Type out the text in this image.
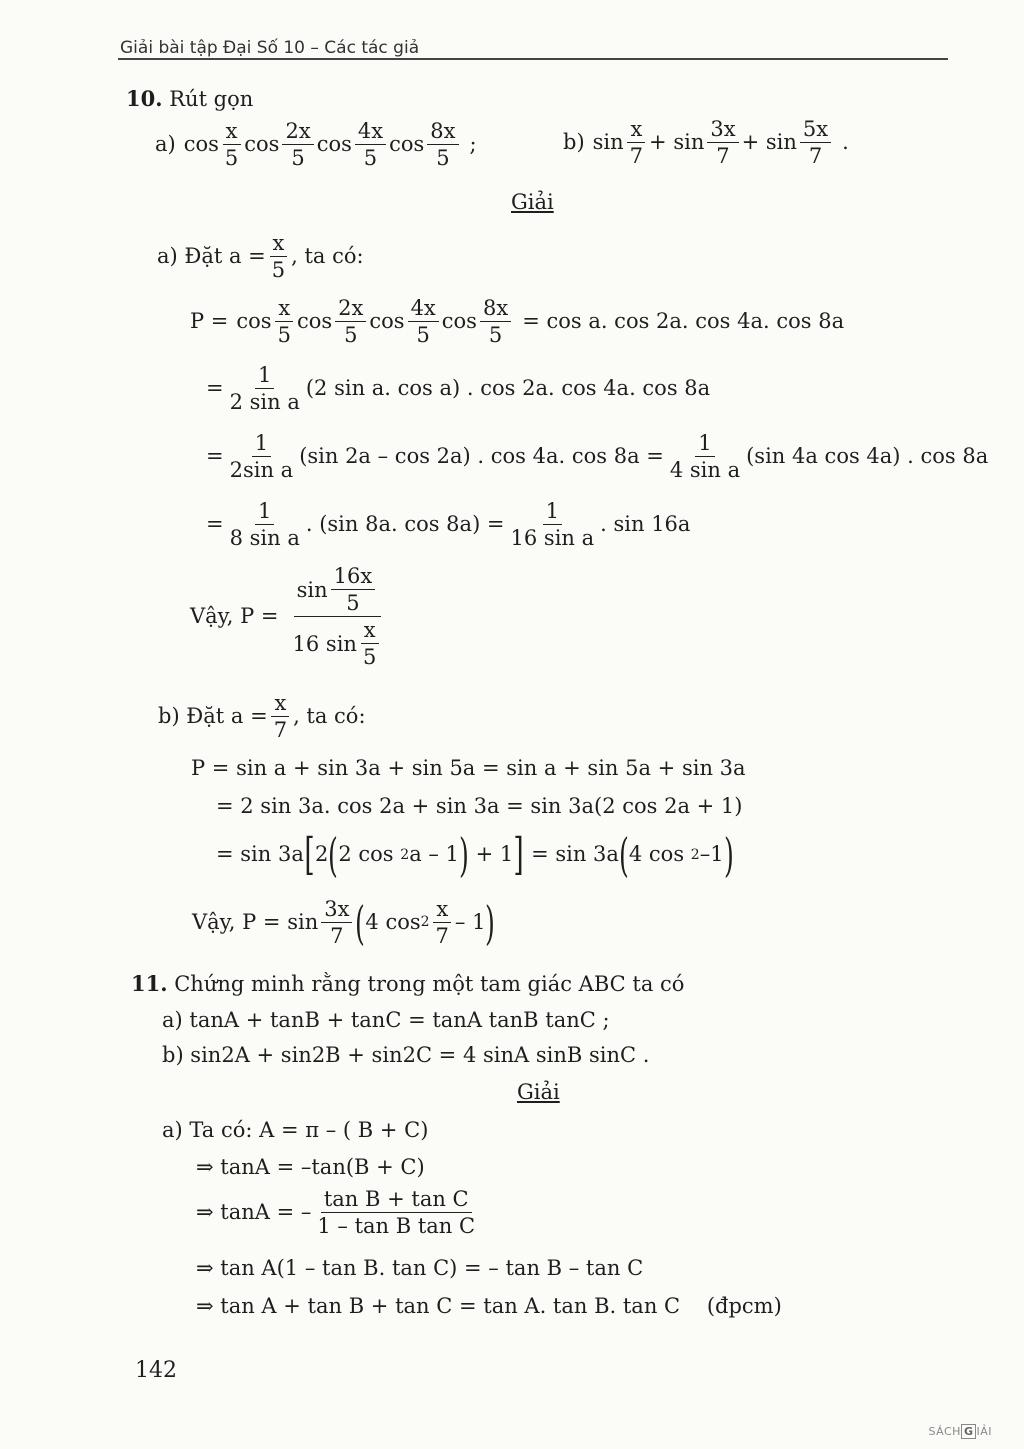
Giải bài tập Đại Số 10 – Các tác giả
10. Rút gọn
a) $\cos \frac{x}{5}$ $\cos \frac{2x}{5}$ $\cos \frac{4x}{5}$ $\cos \frac{8x}{5}$ ;	b) $\sin \frac{x}{7}$ +
$\sin \frac{3x}{7}$ +
$\sin \frac{5x}{7}$ .
Giải
a) Đặt $a = \frac{x}{5}$ , ta có:
$P = \cos \frac{x}{5}$ $\cos \frac{2x}{5}$ $\cos \frac{4x}{5}$ $\cos \frac{8x}{5} = \cos a$. cos 2a. cos 4a. cos 8a
= $\frac{1}{\text{2 sin a}} (2$ sin a. cos a) . cos 2a. cos 4a. cos 8a
= $\frac{1}{\text{2sin a}} (\sin$ 2a – cos 2a) . cos 4a. $\cos 8a = \frac{1}{\text{4 sin a}} (\sin$ 4a cos 4a) . cos 8a
= $\frac{1}{\text{8 sin a}}$ . (sin 8a. $\cos 8a) = \frac{1}{\text{16 sin a}}$ . sin 16a
Vậy, $P = \frac{\sin \frac{16x}{5}}{16 \sin \frac{x}{5}}$
b) Đặt $a = \frac{x}{7}$ , ta có:
P = sin a + sin 3a + sin 5a = sin a + sin 5a + sin 3a
= 2 sin 3a. cos 2a + sin 3a = sin 3a(2 cos 2a + 1)
= sin 3a [ 2 ( 2 cos
2 a – 1 )
+ 1 ]
= sin 3a ( 4 cos
2 –1 )
Vậy, P =
$\sin \frac{3x}{7}$ ( 4 $\cos 2 \frac{x}{7} - 1$ )
11. Chứng minh rằng trong một tam giác ABC ta có
a) tanA + tanB + tanC = tanA tanB tanC ;
b) sin2A + sin2B + sin2C = 4 sinA sinB sinC .
Giải
a) Ta có: A = π – ( B + C)
⇒ tanA = –tan(B + C)
⇒ tanA = – $\frac{\text{tan B + tan C}}{\text{1 – tan B tan C}}$
⇒ tan A(1 – tan B. tan C) = – tan B – tan C
⇒ tan A + tan B + tan C = tan A. tan B. tan C (đpcm)
142
SÁCH G IẢI
